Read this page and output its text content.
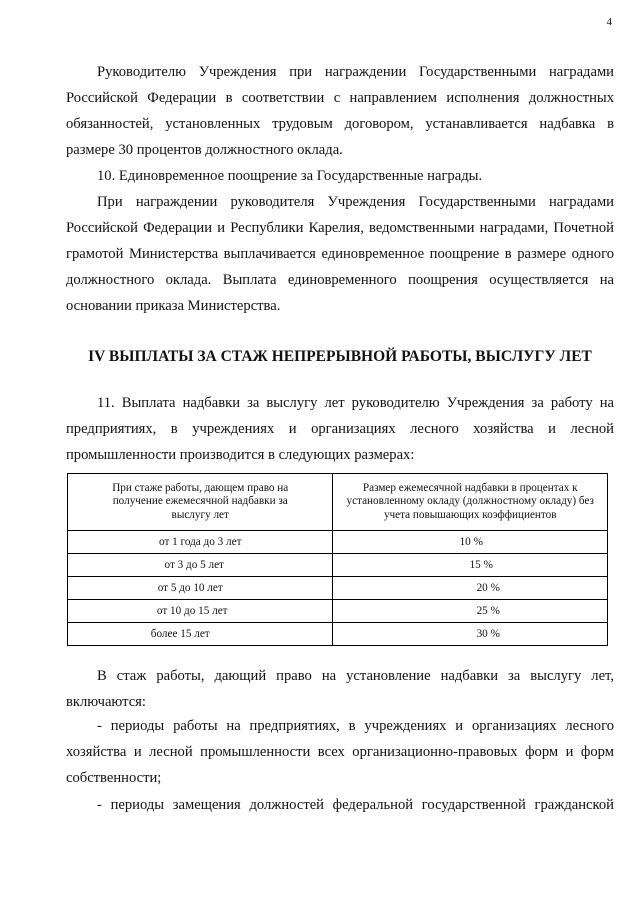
4

Руководителю Учреждения при награждении Государственными наградами Российской Федерации в соответствии с направлением исполнения должностных обязанностей, установленных трудовым договором, устанавливается надбавка в размере 30 процентов должностного оклада.

10. Единовременное поощрение за Государственные награды.

При награждении руководителя Учреждения Государственными наградами Российской Федерации и Республики Карелия, ведомственными наградами, Почетной грамотой Министерства выплачивается единовременное поощрение в размере одного должностного оклада. Выплата единовременного поощрения осуществляется на основании приказа Министерства.

IV ВЫПЛАТЫ ЗА СТАЖ НЕПРЕРЫВНОЙ РАБОТЫ, ВЫСЛУГУ ЛЕТ

11. Выплата надбавки за выслугу лет руководителю Учреждения за работу на предприятиях, в учреждениях и организациях лесного хозяйства и лесной промышленности производится в следующих размерах:

При стаже работы, дающем право на получение ежемесячной надбавки за выслугу лет	Размер ежемесячной надбавки в процентах к установленному окладу (должностному окладу) без учета повышающих коэффициентов
от 1 года до 3 лет	10 %
от 3 до 5 лет	15 %
от 5 до 10 лет	20 %
от 10 до 15 лет	25 %
более 15 лет	30 %

В стаж работы, дающий право на установление надбавки за выслугу лет, включаются:

- периоды работы на предприятиях, в учреждениях и организациях лесного хозяйства и лесной промышленности всех организационно-правовых форм и форм собственности;

- периоды замещения должностей федеральной государственной гражданской
